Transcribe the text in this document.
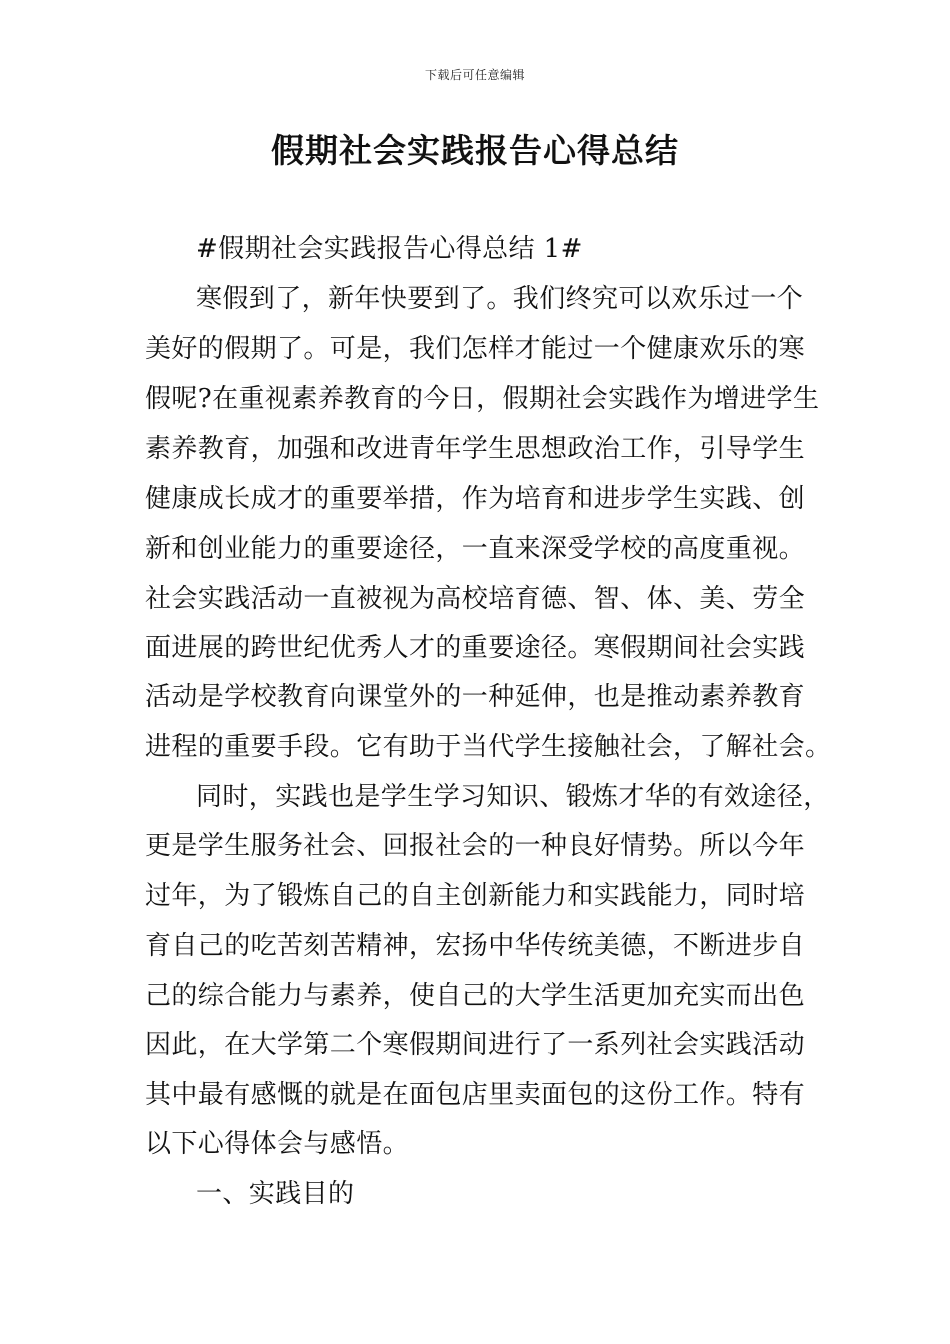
下载后可任意编辑
假期社会实践报告心得总结
#假期社会实践报告心得总结 1#
寒假到了，新年快要到了。我们终究可以欢乐过一个
美好的假期了。可是，我们怎样才能过一个健康欢乐的寒
假呢?在重视素养教育的今日，假期社会实践作为增进学生
素养教育，加强和改进青年学生思想政治工作，引导学生
健康成长成才的重要举措，作为培育和进步学生实践、创
新和创业能力的重要途径，一直来深受学校的高度重视。
社会实践活动一直被视为高校培育德、智、体、美、劳全
面进展的跨世纪优秀人才的重要途径。寒假期间社会实践
活动是学校教育向课堂外的一种延伸，也是推动素养教育
进程的重要手段。它有助于当代学生接触社会，了解社会。
同时，实践也是学生学习知识、锻炼才华的有效途径，
更是学生服务社会、回报社会的一种良好情势。所以今年
过年，为了锻炼自己的自主创新能力和实践能力，同时培
育自己的吃苦刻苦精神，宏扬中华传统美德，不断进步自
己的综合能力与素养，使自己的大学生活更加充实而出色
因此，在大学第二个寒假期间进行了一系列社会实践活动
其中最有感慨的就是在面包店里卖面包的这份工作。特有
以下心得体会与感悟。
一、实践目的
